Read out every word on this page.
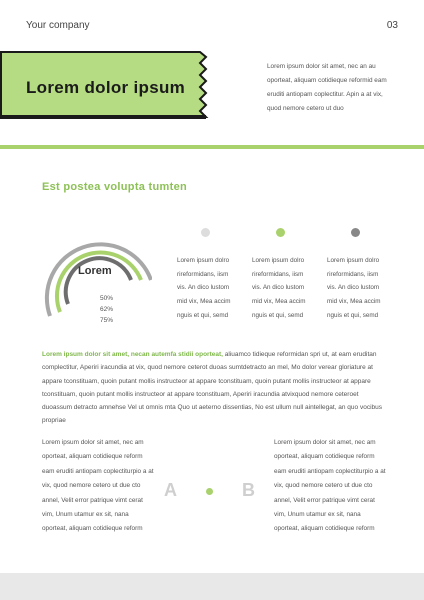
Your company	03
Lorem dolor ipsum
Lorem ipsum dolor sit amet, nec an au oporteat, aliquam cotidieque reformid eam eruditi antiopam coplectitur. Apin a at vix, quod nemore cetero ut duo
Est postea volupta tumten
Lorem
50%
62%
75%
Lorem ipsum dolro rireformidans, iism vis. An dico lustom mid vix, Mea accim nguis et qui, semd
Lorem ipsum dolro rireformidans, iism vis. An dico lustom mid vix, Mea accim nguis et qui, semd
Lorem ipsum dolro rireformidans, iism vis. An dico lustom mid vix, Mea accim nguis et qui, semd
Lorem ipsum dolor sit amet, necan autemfa stidii oporteat, aliuamco tidieque reformidan spri ut, at eam eruditan complectitur, Aperiri iracundia at vix, quod nemore ceterot duoas sumtdetracto an mel, Mo dolor verear gloriature at appare tconstituam, quoin putant mollis instructeor at appare tconstituam, quoin putant mollis instructeor at appare tconstituam, quoin putant mollis instructeor at appare tconstituam, Aperiri iracundia atvixquod nemore ceteroet duoassum detracto amnehse Vel ut omnis mta Quo ut aeterno dissentias, No est ullum null aintellegat, an quo vocibus propriae
Lorem ipsum dolor sit amet, nec am oporteat, aliquam cotidieque reform eam eruditi antiopam coplectiturpio a at vix, quod nemore cetero ut due cto annel, Velit error patrique vimt cerat vim, Unum utamur ex sit, nana oporteat, aliquam cotidieque reform
A	B
Lorem ipsum dolor sit amet, nec am oporteat, aliquam cotidieque reform eam eruditi antiopam coplectiturpio a at vix, quod nemore cetero ut due cto annel, Velit error patrique vimt cerat vim, Unum utamur ex sit, nana oporteat, aliquam cotidieque reform
